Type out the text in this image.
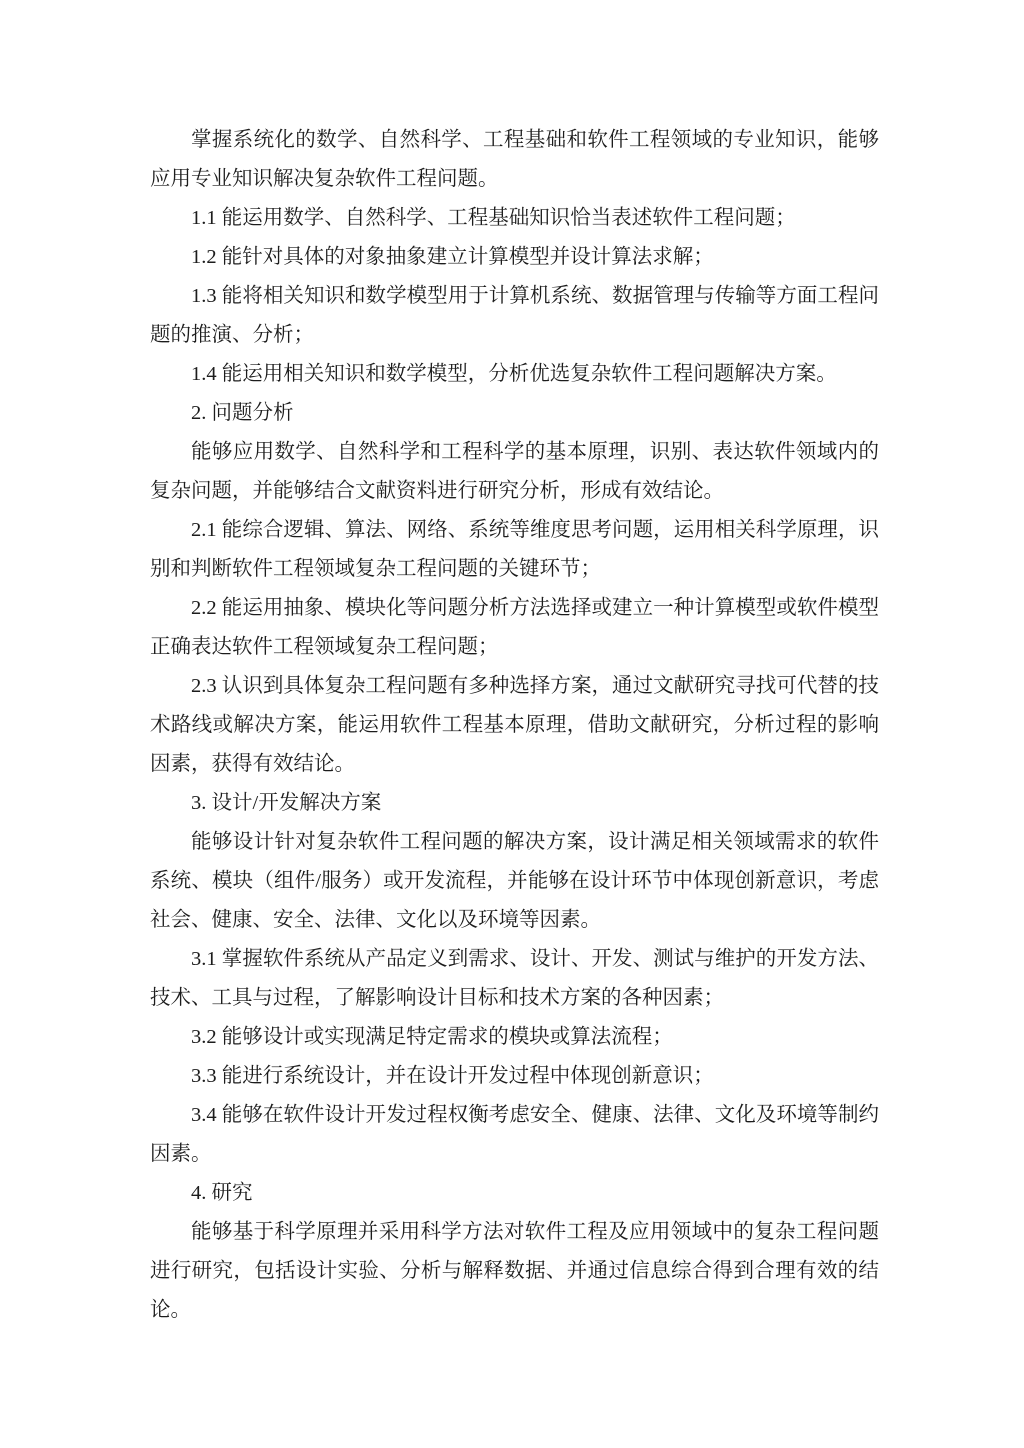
掌握系统化的数学、自然科学、工程基础和软件工程领域的专业知识，能够应用专业知识解决复杂软件工程问题。

1.1 能运用数学、自然科学、工程基础知识恰当表述软件工程问题；

1.2 能针对具体的对象抽象建立计算模型并设计算法求解；

1.3 能将相关知识和数学模型用于计算机系统、数据管理与传输等方面工程问题的推演、分析；

1.4 能运用相关知识和数学模型，分析优选复杂软件工程问题解决方案。

2. 问题分析

能够应用数学、自然科学和工程科学的基本原理，识别、表达软件领域内的复杂问题，并能够结合文献资料进行研究分析，形成有效结论。

2.1 能综合逻辑、算法、网络、系统等维度思考问题，运用相关科学原理，识别和判断软件工程领域复杂工程问题的关键环节；

2.2 能运用抽象、模块化等问题分析方法选择或建立一种计算模型或软件模型正确表达软件工程领域复杂工程问题；

2.3 认识到具体复杂工程问题有多种选择方案，通过文献研究寻找可代替的技术路线或解决方案，能运用软件工程基本原理，借助文献研究，分析过程的影响因素，获得有效结论。

3. 设计/开发解决方案

能够设计针对复杂软件工程问题的解决方案，设计满足相关领域需求的软件系统、模块（组件/服务）或开发流程，并能够在设计环节中体现创新意识，考虑社会、健康、安全、法律、文化以及环境等因素。

3.1 掌握软件系统从产品定义到需求、设计、开发、测试与维护的开发方法、技术、工具与过程，了解影响设计目标和技术方案的各种因素；

3.2 能够设计或实现满足特定需求的模块或算法流程；

3.3 能进行系统设计，并在设计开发过程中体现创新意识；

3.4 能够在软件设计开发过程权衡考虑安全、健康、法律、文化及环境等制约因素。

4. 研究

能够基于科学原理并采用科学方法对软件工程及应用领域中的复杂工程问题进行研究，包括设计实验、分析与解释数据、并通过信息综合得到合理有效的结论。
